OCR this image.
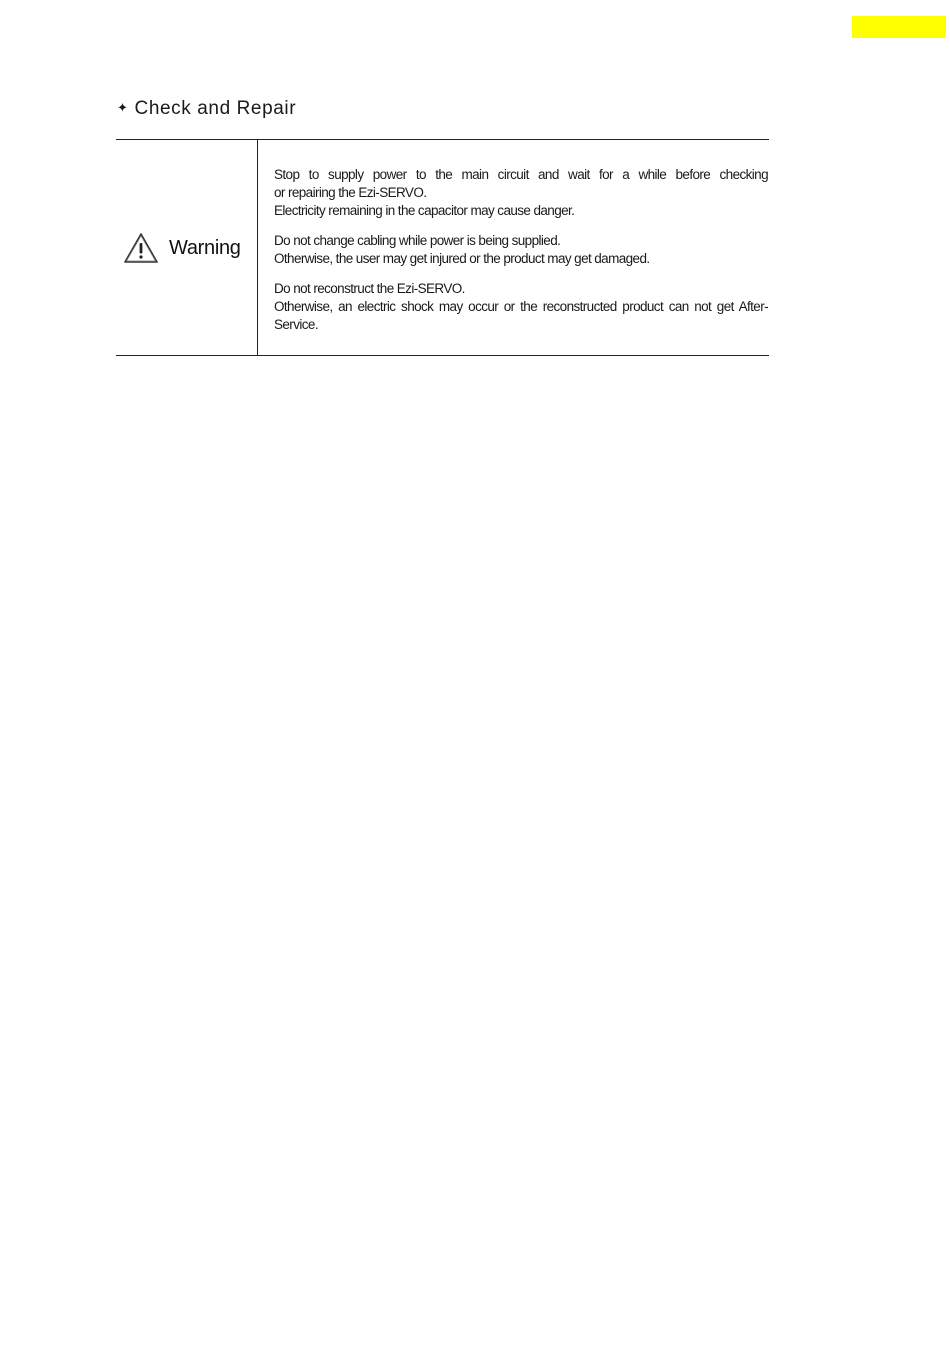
✦ Check and Repair
Warning

Stop to supply power to the main circuit and wait for a while before checking
or repairing the Ezi-SERVO.
Electricity remaining in the capacitor may cause danger.

Do not change cabling while power is being supplied.
Otherwise, the user may get injured or the product may get damaged.

Do not reconstruct the Ezi-SERVO.
Otherwise, an electric shock may occur or the reconstructed product can not get After-
Service.
